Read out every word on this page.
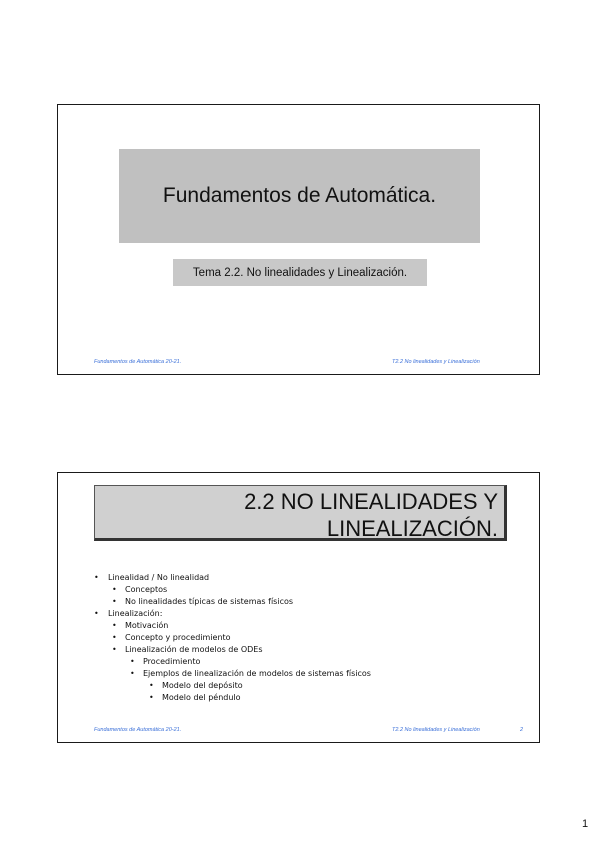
Fundamentos de Automática.
Tema 2.2. No linealidades y Linealización.
Fundamentos de Automática 20-21.	T2.2 No linealidades y Linealización
2.2 NO LINEALIDADES Y
LINEALIZACIÓN.
• Linealidad / No linealidad
• Conceptos
• No linealidades típicas de sistemas físicos
• Linealización:
• Motivación
• Concepto y procedimiento
• Linealización de modelos de ODEs
• Procedimiento
• Ejemplos de linealización de modelos de sistemas físicos
• Modelo del depósito
• Modelo del péndulo
Fundamentos de Automática 20-21.	T2.2 No linealidades y Linealización	2
1
